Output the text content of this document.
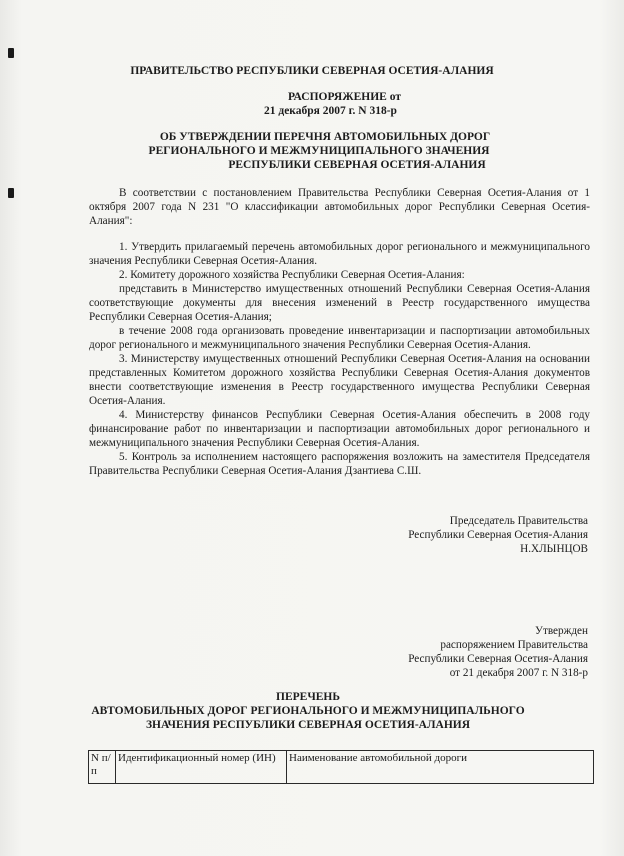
ПРАВИТЕЛЬСТВО РЕСПУБЛИКИ СЕВЕРНАЯ ОСЕТИЯ-АЛАНИЯ
РАСПОРЯЖЕНИЕ от
21 декабря 2007 г. N 318-р
ОБ УТВЕРЖДЕНИИ ПЕРЕЧНЯ АВТОМОБИЛЬНЫХ ДОРОГ
РЕГИОНАЛЬНОГО И МЕЖМУНИЦИПАЛЬНОГО ЗНАЧЕНИЯ
РЕСПУБЛИКИ СЕВЕРНАЯ ОСЕТИЯ-АЛАНИЯ

В соответствии с постановлением Правительства Республики Северная Осетия-Алания от 1 октября 2007 года N 231 "О классификации автомобильных дорог Республики Северная Осетия-Алания":

1. Утвердить прилагаемый перечень автомобильных дорог регионального и межмуниципального значения Республики Северная Осетия-Алания.

2. Комитету дорожного хозяйства Республики Северная Осетия-Алания:

представить в Министерство имущественных отношений Республики Северная Осетия-Алания соответствующие документы для внесения изменений в Реестр государственного имущества Республики Северная Осетия-Алания;

в течение 2008 года организовать проведение инвентаризации и паспортизации автомобильных дорог регионального и межмуниципального значения Республики Северная Осетия-Алания.

3. Министерству имущественных отношений Республики Северная Осетия-Алания на основании представленных Комитетом дорожного хозяйства Республики Северная Осетия-Алания документов внести соответствующие изменения в Реестр государственного имущества Республики Северная Осетия-Алания.

4. Министерству финансов Республики Северная Осетия-Алания обеспечить в 2008 году финансирование работ по инвентаризации и паспортизации автомобильных дорог регионального и межмуниципального значения Республики Северная Осетия-Алания.

5. Контроль за исполнением настоящего распоряжения возложить на заместителя Председателя Правительства Республики Северная Осетия-Алания Дзантиева С.Ш.

Председатель Правительства
Республики Северная Осетия-Алания
Н.ХЛЫНЦОВ
Утвержден
распоряжением Правительства
Республики Северная Осетия-Алания
от 21 декабря 2007 г. N 318-р
ПЕРЕЧЕНЬ
АВТОМОБИЛЬНЫХ ДОРОГ РЕГИОНАЛЬНОГО И МЕЖМУНИЦИПАЛЬНОГО
ЗНАЧЕНИЯ РЕСПУБЛИКИ СЕВЕРНАЯ ОСЕТИЯ-АЛАНИЯ
N п/п	Идентификационный номер (ИН)	Наименование автомобильной дороги
